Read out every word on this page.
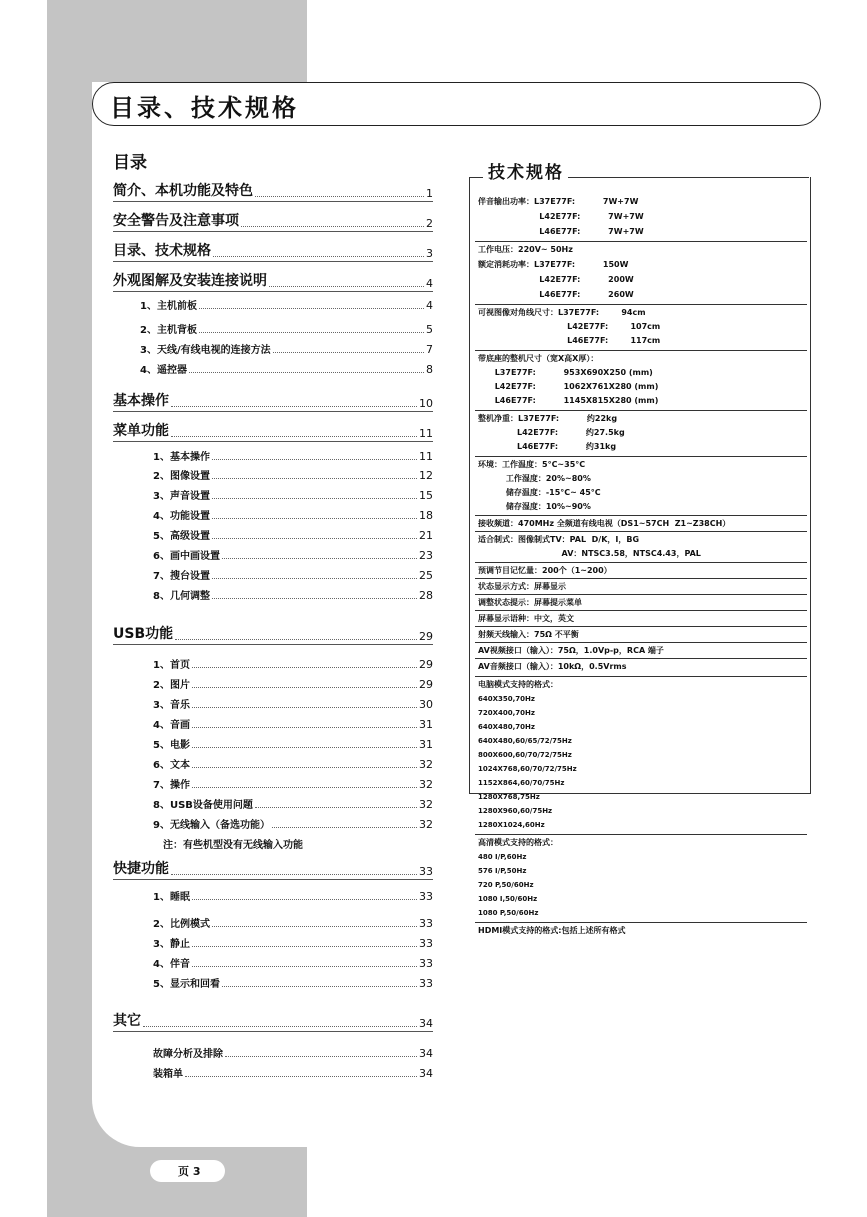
目录、技术规格
目录
简介、本机功能及特色	1
安全警告及注意事项	2
目录、技术规格	3
外观图解及安装连接说明	4
1、主机前板	4
2、主机背板	5
3、天线/有线电视的连接方法	7
4、遥控器	8
基本操作	10
菜单功能	11
1、基本操作	11
2、图像设置	12
3、声音设置	15
4、功能设置	18
5、高级设置	21
6、画中画设置	23
7、搜台设置	25
8、几何调整	28
USB功能	29
1、首页	29
2、图片	29
3、音乐	30
4、音画	31
5、电影	31
6、文本	32
7、操作	32
8、USB设备使用问题	32
9、无线输入（备选功能）	32
注：有些机型没有无线输入功能
快捷功能	33
1、睡眠	33
2、比例模式	33
3、静止	33
4、伴音	33
5、显示和回看	33
其它	34
故障分析及排除	34
装箱单	34
技术规格
伴音输出功率：L37E77F:          7W+7W
L42E77F:          7W+7W
L46E77F:          7W+7W
工作电压：220V~ 50Hz
额定消耗功率：L37E77F:          150W
L42E77F:          200W
L46E77F:          260W
可视图像对角线尺寸：L37E77F:        94cm
L42E77F:        107cm
L46E77F:        117cm
带底座的整机尺寸（宽X高X厚）：
L37E77F:          953X690X250 (mm)
L42E77F:          1062X761X280 (mm)
L46E77F:          1145X815X280 (mm)
整机净重：L37E77F:          约22kg
L42E77F:          约27.5kg
L46E77F:          约31kg
环境：工作温度：5°C~35°C
工作湿度：20%~80%
储存温度：-15°C~ 45°C
储存湿度：10%~90%
接收频道：470MHz 全频道有线电视（DS1~57CH  Z1~Z38CH）
适合制式：图像制式TV：PAL  D/K，I，BG
AV：NTSC3.58，NTSC4.43，PAL
预调节目记忆量：200个（1~200）
状态显示方式：屏幕显示
调整状态提示：屏幕提示菜单
屏幕显示语种：中文，英文
射频天线输入：75Ω 不平衡
AV视频接口（输入）：75Ω，1.0Vp-p，RCA 端子
AV音频接口（输入）：10kΩ，0.5Vrms
电脑模式支持的格式：
640X350,70Hz
720X400,70Hz
640X480,70Hz
640X480,60/65/72/75Hz
800X600,60/70/72/75Hz
1024X768,60/70/72/75Hz
1152X864,60/70/75Hz
1280X768,75Hz
1280X960,60/75Hz
1280X1024,60Hz
高清模式支持的格式：
480 I/P,60Hz
576 I/P,50Hz
720 P,50/60Hz
1080 I,50/60Hz
1080 P,50/60Hz
HDMI模式支持的格式:包括上述所有格式
页 3
